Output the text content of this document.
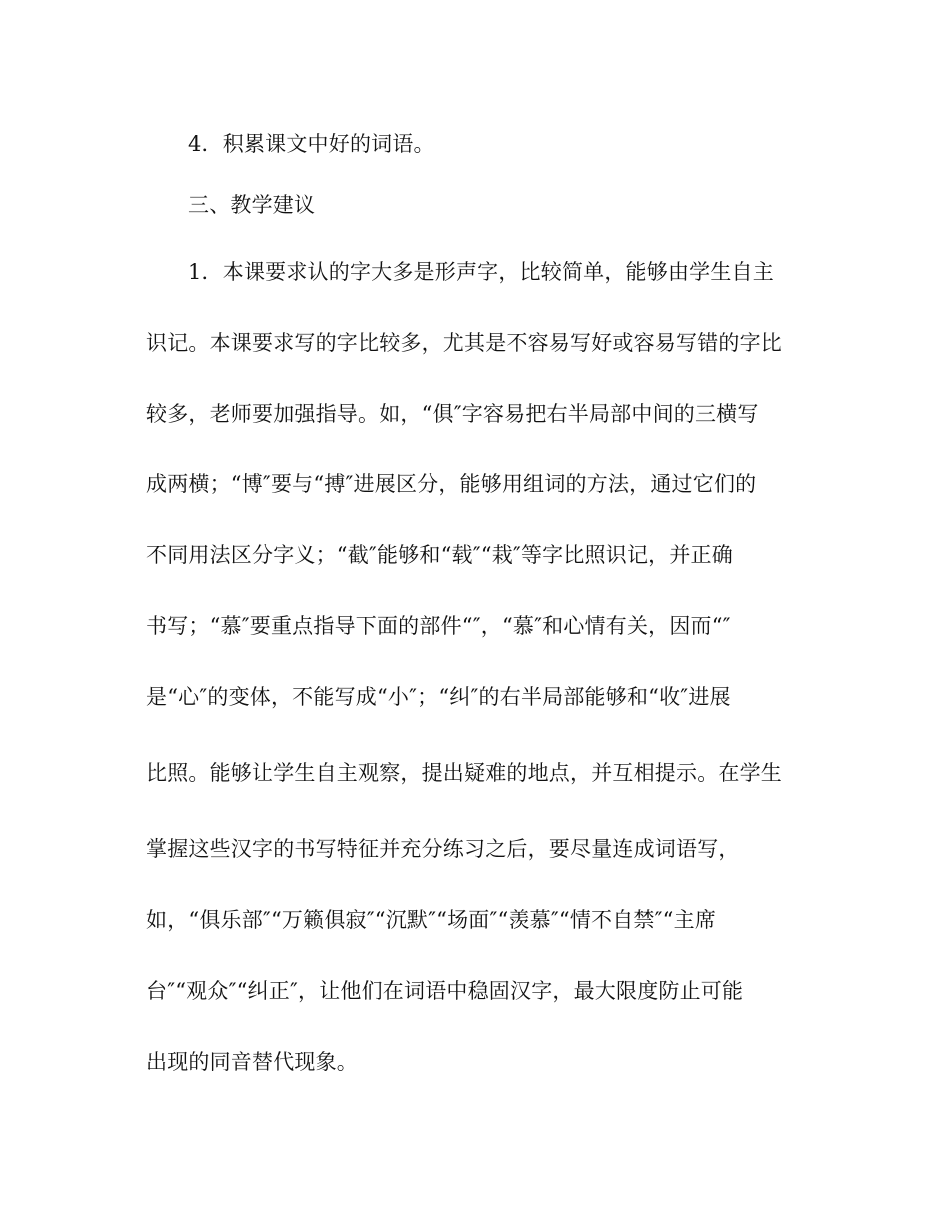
4．积累课文中好的词语。
三、教学建议
1．本课要求认的字大多是形声字，比较简单，能够由学生自主
识记。本课要求写的字比较多，尤其是不容易写好或容易写错的字比
较多，老师要加强指导。如，“俱″字容易把右半局部中间的三横写
成两横；“博″要与“搏″进展区分，能够用组词的方法，通过它们的
不同用法区分字义；“截″能够和“载″“栽″等字比照识记，并正确
书写；“慕″要重点指导下面的部件“″，“慕″和心情有关，因而“″
是“心″的变体，不能写成“小″；“纠″的右半局部能够和“收″进展
比照。能够让学生自主观察，提出疑难的地点，并互相提示。在学生
掌握这些汉字的书写特征并充分练习之后，要尽量连成词语写，
如，“俱乐部″“万籁俱寂″“沉默″“场面″“羡慕″“情不自禁″“主席
台″“观众″“纠正″，让他们在词语中稳固汉字，最大限度防止可能
出现的同音替代现象。
